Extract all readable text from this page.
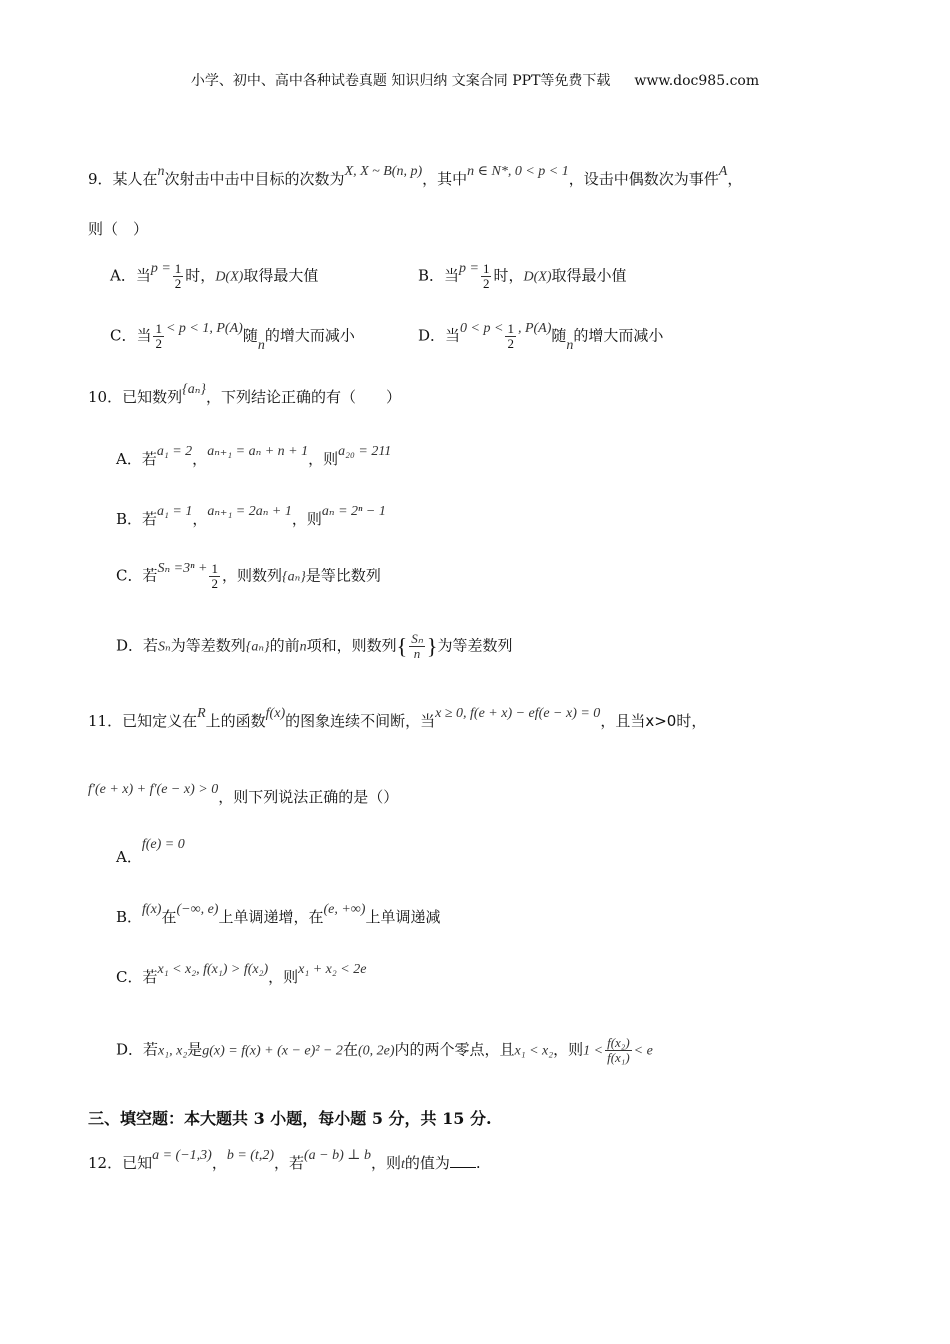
小学、初中、高中各种试卷真题 知识归纳 文案合同 PPT等免费下载 www.doc985.com
9．某人在n次射击中击中目标的次数为X, X ~ B(n, p)，其中n ∈ N*, 0 < p < 1，设击中偶数次为事件A，
则（　）
A．当$p = \frac{1}{2}$ 时，D(X)取得最大值	B．当$p = \frac{1}{2}$ 时，D(X)取得最小值
C．当 $\frac{1}{2} < p < 1$, P(A)随n的增大而减小	D．当$0 < p < \frac{1}{2}$ , P(A)随n的增大而减小
10．已知数列{aₙ}，下列结论正确的有（　　）
A．若a₁ = 2，aₙ₊₁ = aₙ + n + 1，则a₂₀ = 211
B．若a₁ = 1，aₙ₊₁ = 2aₙ + 1，则aₙ = 2ⁿ − 1
C．若$S_n =3^n + \frac{1}{2}$ ，则数列{aₙ}是等比数列
D．若Sₙ为等差数列{aₙ}的前n项和，则数列{ $\frac{\text{Sₙ}}{n}$ }为等差数列
11．已知定义在R上的函数f(x)的图象连续不间断，当x ≥ 0, f(e + x) − ef(e − x) = 0，且当x>0时，
f′(e + x) + f′(e − x) > 0，则下列说法正确的是（）
A．f(e) = 0
B．f(x)在(−∞, e)上单调递增，在(e, +∞)上单调递减
C．若x₁ < x₂, f(x₁) > f(x₂)，则x₁ + x₂ < 2e
D．若x₁, x₂是g(x) = f(x) + (x − e)² − 2在(0, 2e)内的两个零点，且x₁ < x₂，则$1 < \frac{\text{f(x₂)}}{\text{f(x₁)}} < e$
三、填空题：本大题共 3 小题，每小题 5 分，共 15 分.
12．已知a = (−1,3)，b = (t,2)，若(a − b) ⊥ b，则t的值为 .
